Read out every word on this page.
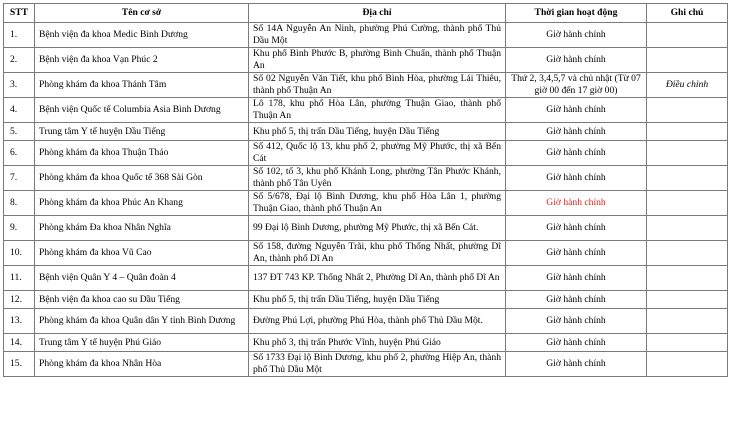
STT	Tên cơ sở	Địa chỉ	Thời gian hoạt động	Ghi chú
1.	Bệnh viện đa khoa Medic Bình Dương	Số 14A Nguyễn An Ninh, phường Phú Cường, thành phố Thủ Dầu Một	Giờ hành chính	
2.	Bệnh viện đa khoa Vạn Phúc 2	Khu phố Bình Phước B, phường Bình Chuẩn, thành phố Thuận An	Giờ hành chính	
3.	Phòng khám đa khoa Thánh Tâm	Số 02 Nguyễn Văn Tiết, khu phố Bình Hòa, phường Lái Thiêu, thành phố Thuận An	Thứ 2, 3,4,5,7 và chủ nhật (Từ 07 giờ 00 đến 17 giờ 00)	Điều chỉnh
4.	Bệnh viện Quốc tế Columbia Asia Bình Dương	Lô 178, khu phố Hòa Lân, phường Thuận Giao, thành phố Thuận An	Giờ hành chính	
5.	Trung tâm Y tế huyện Dầu Tiếng	Khu phố 5, thị trấn Dầu Tiếng, huyện Dầu Tiếng	Giờ hành chính	
6.	Phòng khám đa khoa Thuận Thảo	Số 412, Quốc lộ 13, khu phố 2, phường Mỹ Phước, thị xã Bến Cát	Giờ hành chính	
7.	Phòng khám đa khoa Quốc tế 368 Sài Gòn	Số 102, tổ 3, khu phố Khánh Long, phường Tân Phước Khánh, thành phố Tân Uyên	Giờ hành chính	
8.	Phòng khám đa khoa Phúc An Khang	Số 5/678, Đại lộ Bình Dương, khu phố Hòa Lân 1, phường Thuận Giao, thành phố Thuận An	Giờ hành chính	
9.	Phòng khám Đa khoa Nhân Nghĩa	99 Đại lộ Bình Dương, phường Mỹ Phước, thị xã Bến Cát.	Giờ hành chính	
10.	Phòng khám đa khoa Vũ Cao	Số 158, đường Nguyễn Trãi, khu phố Thống Nhất, phường Dĩ An, thành phố Dĩ An	Giờ hành chính	
11.	Bệnh viện Quân Y 4 – Quân đoàn 4	137 ĐT 743 KP. Thống Nhất 2, Phường Dĩ An, thành phố Dĩ An	Giờ hành chính	
12.	Bệnh viện đa khoa cao su Dầu Tiếng	Khu phố 5, thị trấn Dầu Tiếng, huyện Dầu Tiếng	Giờ hành chính	
13.	Phòng khám đa khoa Quân dân Y tỉnh Bình Dương	Đường Phú Lợi, phường Phú Hòa, thành phố Thủ Dầu Một.	Giờ hành chính	
14.	Trung tâm Y tế huyện Phú Giáo	Khu phố 3, thị trấn Phước Vĩnh, huyện Phú Giáo	Giờ hành chính	
15.	Phòng khám đa khoa Nhân Hòa	Số 1733 Đại lộ Bình Dương, khu phố 2, phường Hiệp An, thành phố Thủ Dầu Một	Giờ hành chính	
